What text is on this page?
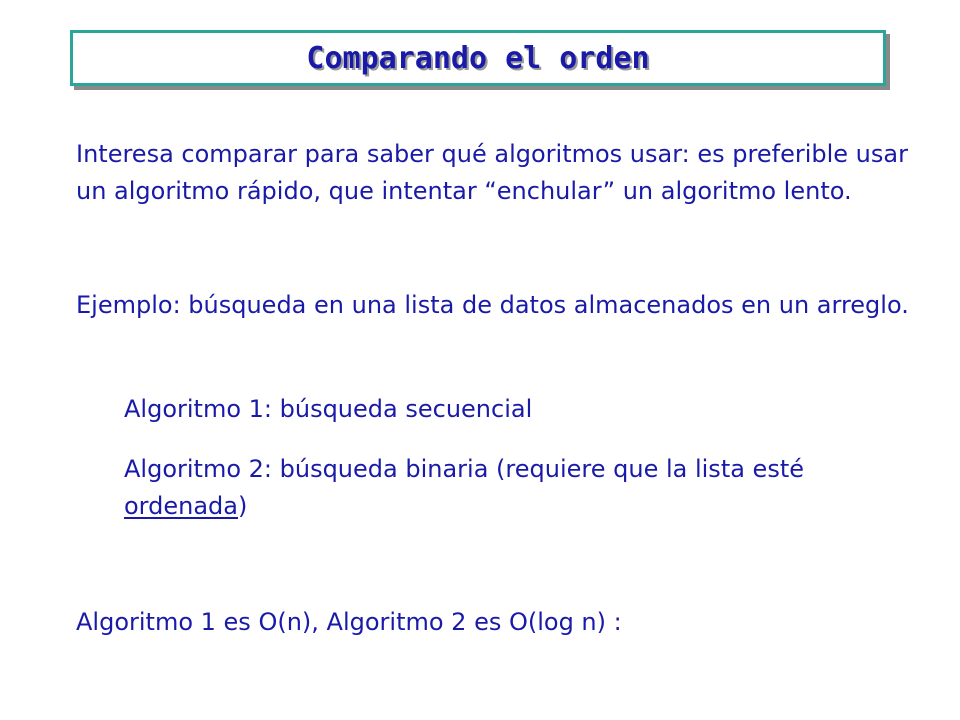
Comparando el orden

Interesa comparar para saber qué algoritmos usar: es preferible usar un algoritmo rápido, que intentar “enchular” un algoritmo lento.

Ejemplo: búsqueda en una lista de datos almacenados en un arreglo.

Algoritmo 1: búsqueda secuencial

Algoritmo 2: búsqueda binaria (requiere que la lista esté ordenada)

Algoritmo 1 es O(n), Algoritmo 2 es O(log n) :
